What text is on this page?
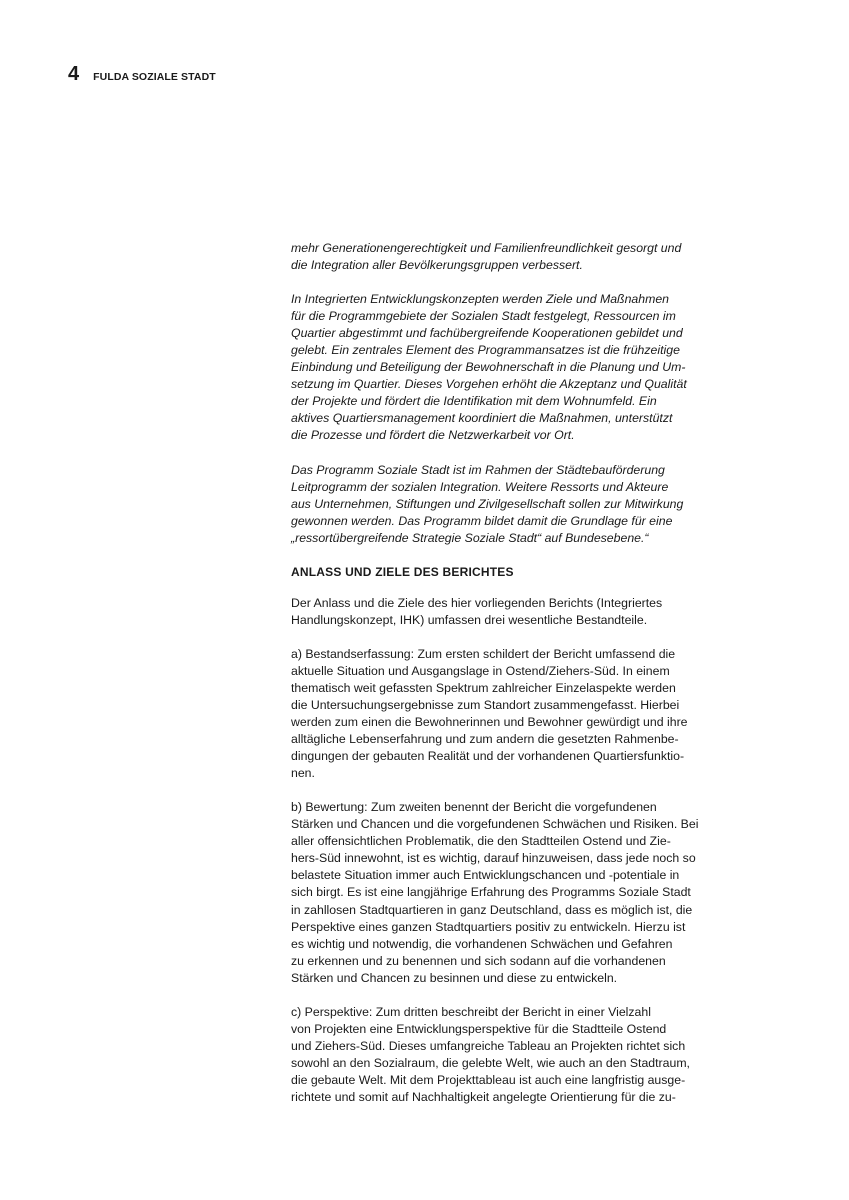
4 FULDA SOZIALE STADT

mehr Generationengerechtigkeit und Familienfreundlichkeit gesorgt und

die Integration aller Bevölkerungsgruppen verbessert.

In Integrierten Entwicklungskonzepten werden Ziele und Maßnahmen

für die Programmgebiete der Sozialen Stadt festgelegt, Ressourcen im

Quartier abgestimmt und fachübergreifende Kooperationen gebildet und

gelebt. Ein zentrales Element des Programmansatzes ist die frühzeitige

Einbindung und Beteiligung der Bewohnerschaft in die Planung und Um-

setzung im Quartier. Dieses Vorgehen erhöht die Akzeptanz und Qualität

der Projekte und fördert die Identifikation mit dem Wohnumfeld. Ein

aktives Quartiersmanagement koordiniert die Maßnahmen, unterstützt

die Prozesse und fördert die Netzwerkarbeit vor Ort.

Das Programm Soziale Stadt ist im Rahmen der Städtebauförderung

Leitprogramm der sozialen Integration. Weitere Ressorts und Akteure

aus Unternehmen, Stiftungen und Zivilgesellschaft sollen zur Mitwirkung

gewonnen werden. Das Programm bildet damit die Grundlage für eine

„ressortübergreifende Strategie Soziale Stadt“ auf Bundesebene.“

ANLASS UND ZIELE DES BERICHTES

Der Anlass und die Ziele des hier vorliegenden Berichts (Integriertes

Handlungskonzept, IHK) umfassen drei wesentliche Bestandteile.

a) Bestandserfassung: Zum ersten schildert der Bericht umfassend die

aktuelle Situation und Ausgangslage in Ostend/Ziehers-Süd. In einem

thematisch weit gefassten Spektrum zahlreicher Einzelaspekte werden

die Untersuchungsergebnisse zum Standort zusammengefasst. Hierbei

werden zum einen die Bewohnerinnen und Bewohner gewürdigt und ihre

alltägliche Lebenserfahrung und zum andern die gesetzten Rahmenbe-

dingungen der gebauten Realität und der vorhandenen Quartiersfunktio-

nen.

b) Bewertung: Zum zweiten benennt der Bericht die vorgefundenen

Stärken und Chancen und die vorgefundenen Schwächen und Risiken. Bei

aller offensichtlichen Problematik, die den Stadtteilen Ostend und Zie-

hers-Süd innewohnt, ist es wichtig, darauf hinzuweisen, dass jede noch so

belastete Situation immer auch Entwicklungschancen und -potentiale in

sich birgt. Es ist eine langjährige Erfahrung des Programms Soziale Stadt

in zahllosen Stadtquartieren in ganz Deutschland, dass es möglich ist, die

Perspektive eines ganzen Stadtquartiers positiv zu entwickeln. Hierzu ist

es wichtig und notwendig, die vorhandenen Schwächen und Gefahren

zu erkennen und zu benennen und sich sodann auf die vorhandenen

Stärken und Chancen zu besinnen und diese zu entwickeln.

c) Perspektive: Zum dritten beschreibt der Bericht in einer Vielzahl

von Projekten eine Entwicklungsperspektive für die Stadtteile Ostend

und Ziehers-Süd. Dieses umfangreiche Tableau an Projekten richtet sich

sowohl an den Sozialraum, die gelebte Welt, wie auch an den Stadtraum,

die gebaute Welt. Mit dem Projekttableau ist auch eine langfristig ausge-

richtete und somit auf Nachhaltigkeit angelegte Orientierung für die zu-
